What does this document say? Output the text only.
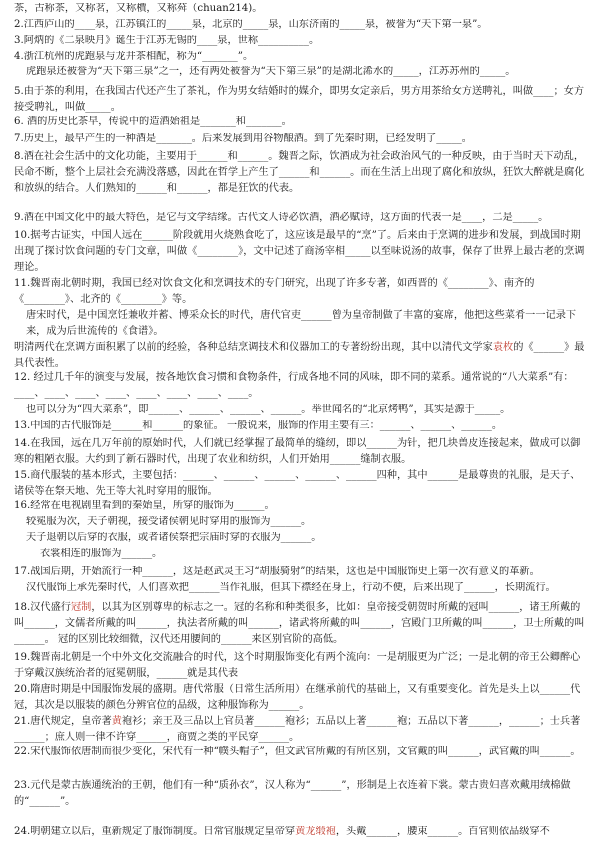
茶，古称茶，又称茗，又称檟，又称荈（chuan214)。
2.江西庐山的____泉，江苏镇江的_____泉，北京的_____泉，山东济南的_____泉，被誉为“天下第一泉”。
3.阿炳的《二泉映月》诞生于江苏无锡的____泉，世称__________。
4.浙江杭州的虎跑泉与龙井茶相配，称为“_______”。
虎跑泉还被誉为“天下第三泉”之一，还有两处被誉为“天下第三泉”的是湖北浠水的_____，江苏苏州的_____。
5.由于茶的利用，在我国古代还产生了茶礼，作为男女结婚时的媒介，即男女定亲后，男方用茶给女方送聘礼，叫做____；女方接受聘礼，叫做_____。
6. 酒的历史比茶早，传说中的造酒始祖是_______和_______。
7.历史上，最早产生的一种酒是_______。后来发展到用谷物酿酒。到了先秦时期，已经发明了_____。
8.酒在社会生活中的文化功能，主要用于______和______。魏晋之际，饮酒成为社会政治风气的一种反映，由于当时天下动乱，民命不断，整个上层社会充满没落感，因此在哲学上产生了______和______。而在生活上出现了腐化和放纵，狂饮大醉就是腐化和放纵的结合。人们熟知的______和______，都是狂饮的代表。
9.酒在中国文化中的最大特色，是它与文学结缘。古代文人诗必饮酒，酒必赋诗，这方面的代表一是____，二是_____。
10.据考古证实，中国人远在______阶段就用火烧熟食吃了，这应该是最早的“烹”了。后来由于烹调的进步和发展，到战国时期出现了探讨饮食问题的专门文章，叫做《________》，文中记述了商汤宰相_____以至味说汤的故事，保存了世界上最古老的烹调理论。
11.魏晋南北朝时期，我国已经对饮食文化和烹调技术的专门研究，出现了许多专著，如西晋的《________》、南齐的《________》、北齐的《________》等。
唐宋时代，是中国烹饪兼收并蓄、博采众长的时代，唐代官吏______曾为皇帝制做了丰富的宴席，他把这些菜肴一一记录下来，成为后世流传的《食谱》。
明清两代在烹调方面积累了以前的经验，各种总结烹调技术和仪器加工的专著纷纷出现，其中以清代文学家袁枚的《______》最具代表性。
12. 经过几千年的演变与发展，按各地饮食习惯和食物条件，行成各地不同的风味，即不同的菜系。通常说的“八大菜系”有：____、____、____、____、____、____、____、____。
也可以分为“四大菜系”，即______、______、______、______。举世闻名的“北京烤鸭”，其实是源于_____。
13.中国的古代服饰是______和______的象征。 一般说来，服饰的作用主要有三：______、______、______。
14.在我国，远在几万年前的原始时代，人们就已经掌握了最简单的缝纫，即以______为针，把几块兽皮连接起来，做成可以御寒的粗陋衣服。大约到了新石器时代，出现了农业和纺织，人们开始用______缝制衣服。
15.商代服装的基本形式，主要包括：______、______、______、______、______四种，其中______是最尊贵的礼服，是天子、诸侯等在祭天地、先王等大礼时穿用的服饰。
16.经常在电视剧里看到的秦始皇，所穿的服饰为______。
较冕服为次，天子朝视，接受诸侯朝见时穿用的服饰为______。
天子退朝以后穿的衣服，或者诸侯祭把宗庙时穿的衣服为______。
衣裳相连的服饰为______。
17.战国后期，开始流行一种______，这是赵武灵王习“胡服骑射”的结果，这也是中国服饰史上第一次有意义的革新。
汉代服饰上承先秦时代，人们喜欢把______当作礼服，但其下襟经在身上，行动不便，后来出现了______，长期流行。
18.汉代盛行冠制，以其为区别尊卑的标志之一。冠的名称和种类很多，比如：皇帝接受朝贺时所戴的冠叫______，诸王所戴的叫______，文儒者所戴的叫______，执法者所戴的叫______，诸武将所戴的叫______，宫殿门卫所戴的叫______，卫士所戴的叫______。 冠的区别比较细微，汉代还用腰间的______来区别官阶的高低。
19.魏晋南北朝是一个中外文化交流融合的时代，这个时期服饰变化有两个流向：一是胡服更为广泛；一是北朝的帝王公卿醉心于穿戴汉族统治者的冠冕朝服，______就是其代表
20.隋唐时期是中国服饰发展的盛期。唐代常服（日常生活所用）在继承前代的基础上，又有重要变化。首先是头上以______代冠，其次是以服装的颜色分辨官位的品级，这种服饰称为______。
21.唐代规定，皇帝著黄袍衫；亲王及三品以上官员著______袍衫；五品以上著______袍；五品以下著______，______；士兵著______；庶人则一律不许穿______，商贾之类的平民穿______。
22.宋代服饰依唐制而很少变化，宋代有一种“幞头帽子”，但文武官所戴的有所区别，文官戴的叫______，武官戴的叫______。
23.元代是蒙古族通统治的王朝，他们有一种“质孙衣”，汉人称为“______”，形制是上衣连着下裳。蒙古贵妇喜欢戴用绒棉做的“______”。
24.明朝建立以后，重新规定了服饰制度。日常官服规定皇帝穿黄龙缎袍，头戴______，腰束______。百官则依品级穿不
